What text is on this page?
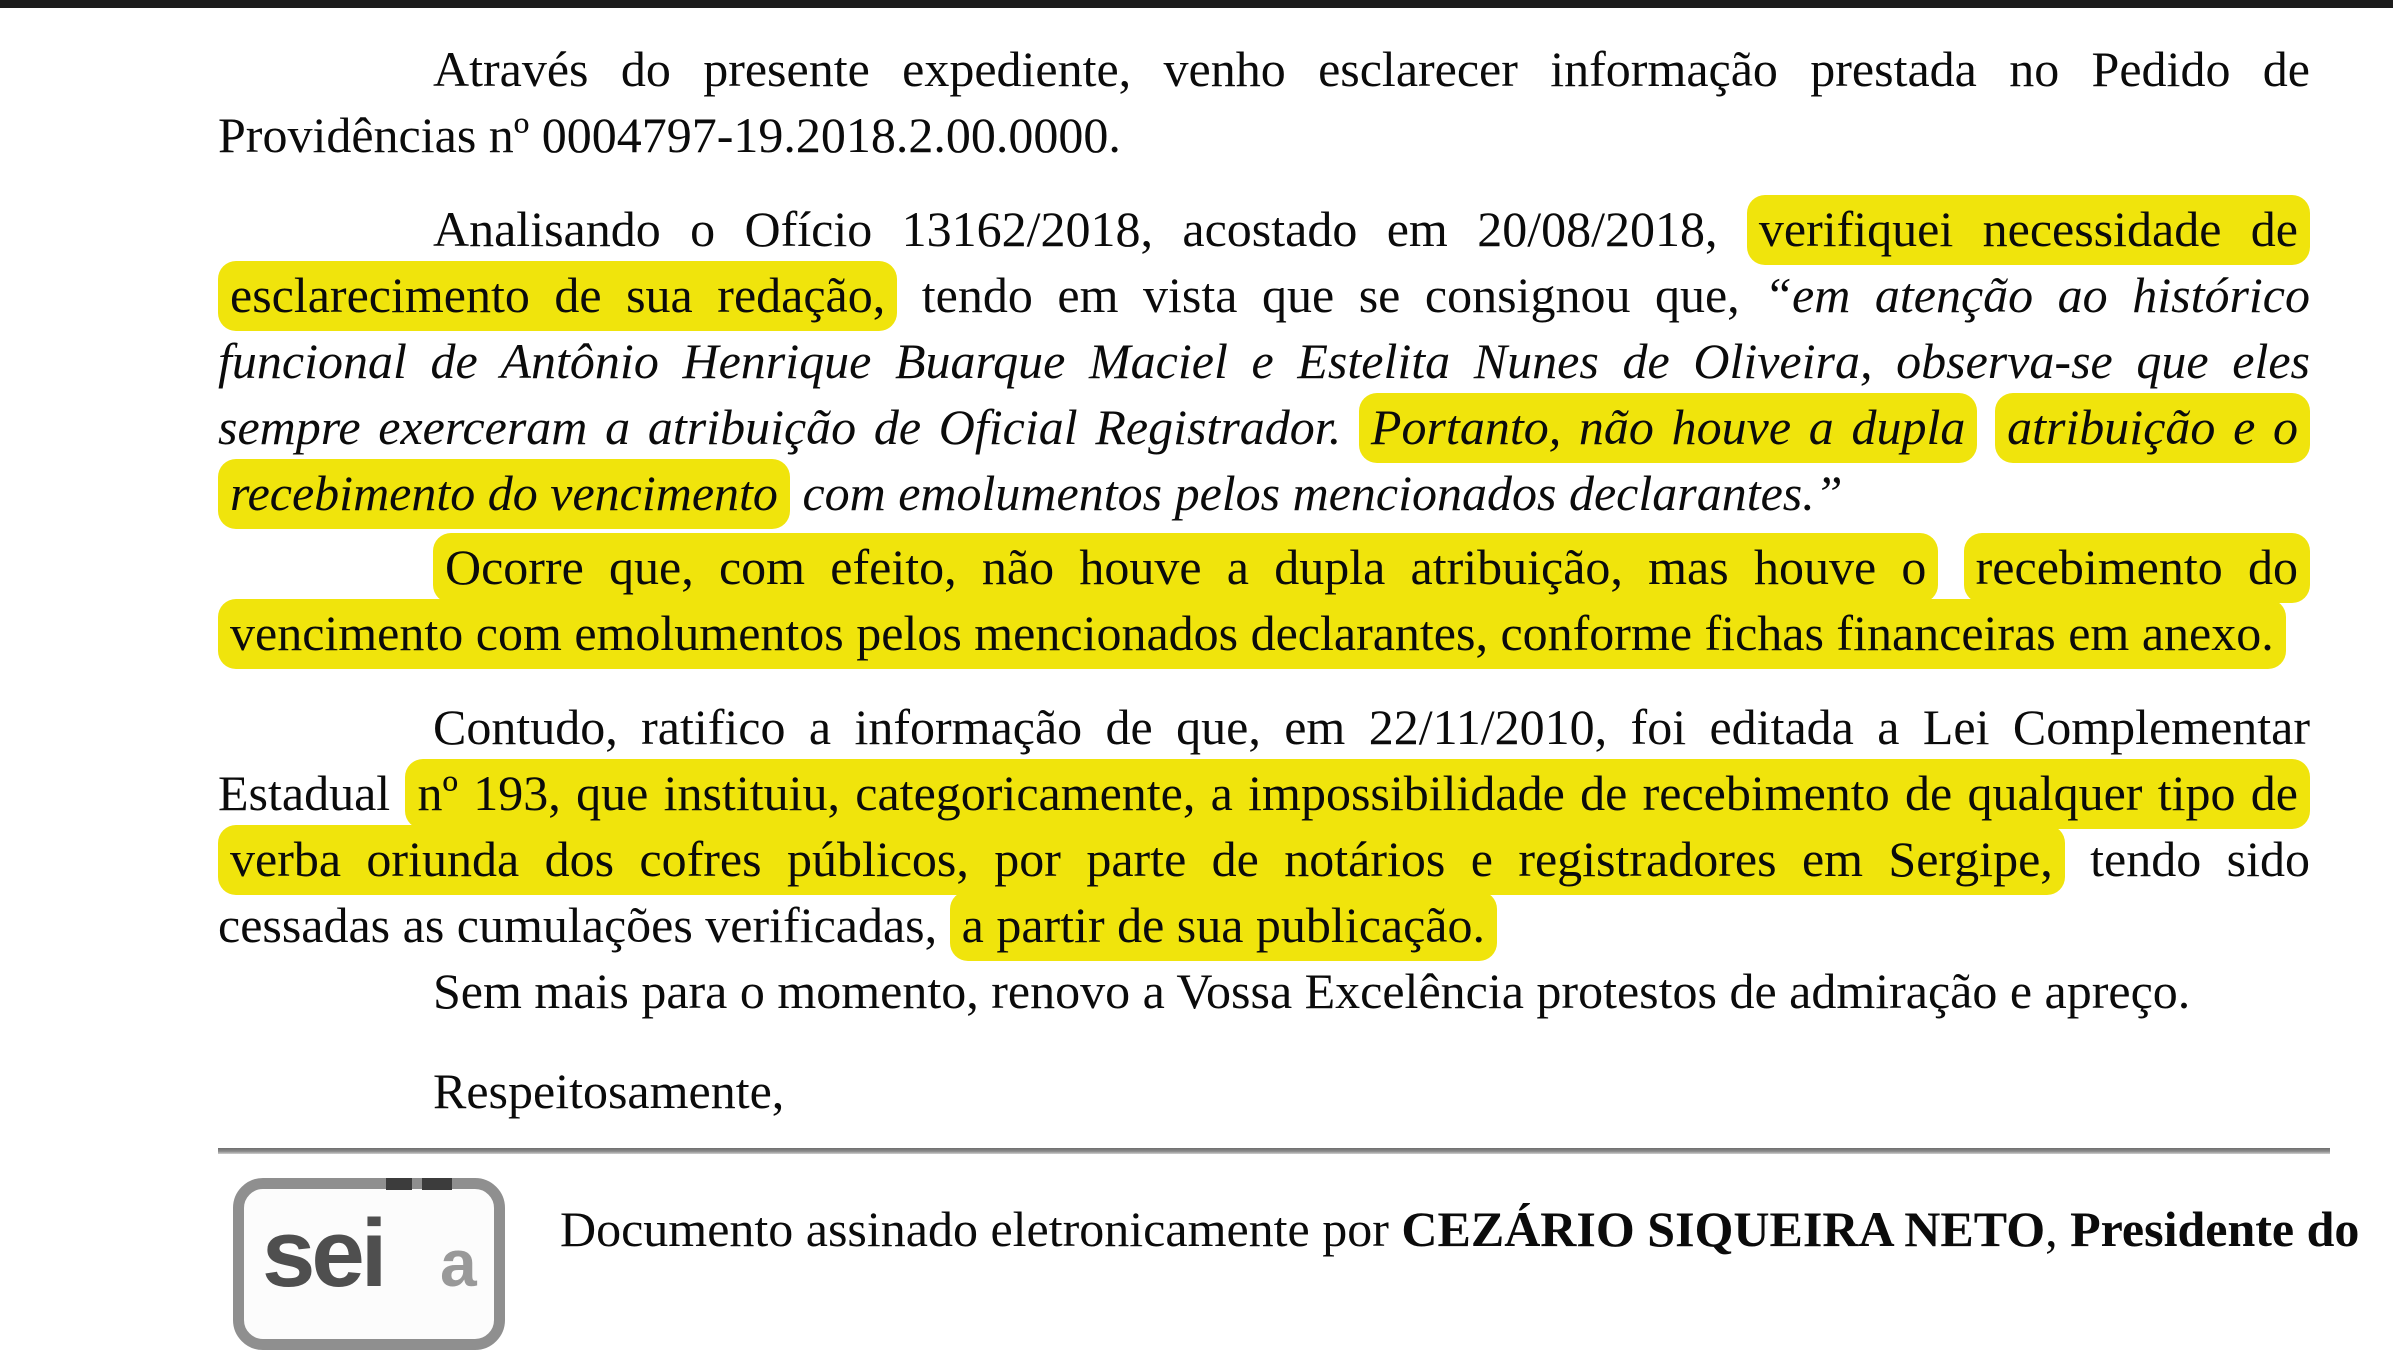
Através do presente expediente, venho esclarecer informação prestada no Pedido de Providências nº 0004797-19.2018.2.00.0000.

Analisando o Ofício 13162/2018, acostado em 20/08/2018, verifiquei necessidade de esclarecimento de sua redação, tendo em vista que se consignou que, “em atenção ao histórico funcional de Antônio Henrique Buarque Maciel e Estelita Nunes de Oliveira, observa-se que eles sempre exerceram a atribuição de Oficial Registrador. Portanto, não houve a dupla atribuição e o recebimento do vencimento com emolumentos pelos mencionados declarantes.”

Ocorre que, com efeito, não houve a dupla atribuição, mas houve o recebimento do vencimento com emolumentos pelos mencionados declarantes, conforme fichas financeiras em anexo.

Contudo, ratifico a informação de que, em 22/11/2010, foi editada a Lei Complementar Estadual nº 193, que instituiu, categoricamente, a impossibilidade de recebimento de qualquer tipo de verba oriunda dos cofres públicos, por parte de notários e registradores em Sergipe, tendo sido cessadas as cumulações verificadas, a partir de sua publicação.

Sem mais para o momento, renovo a Vossa Excelência protestos de admiração e apreço.

Respeitosamente,

sei a Documento assinado eletronicamente por CEZÁRIO SIQUEIRA NETO, Presidente do
